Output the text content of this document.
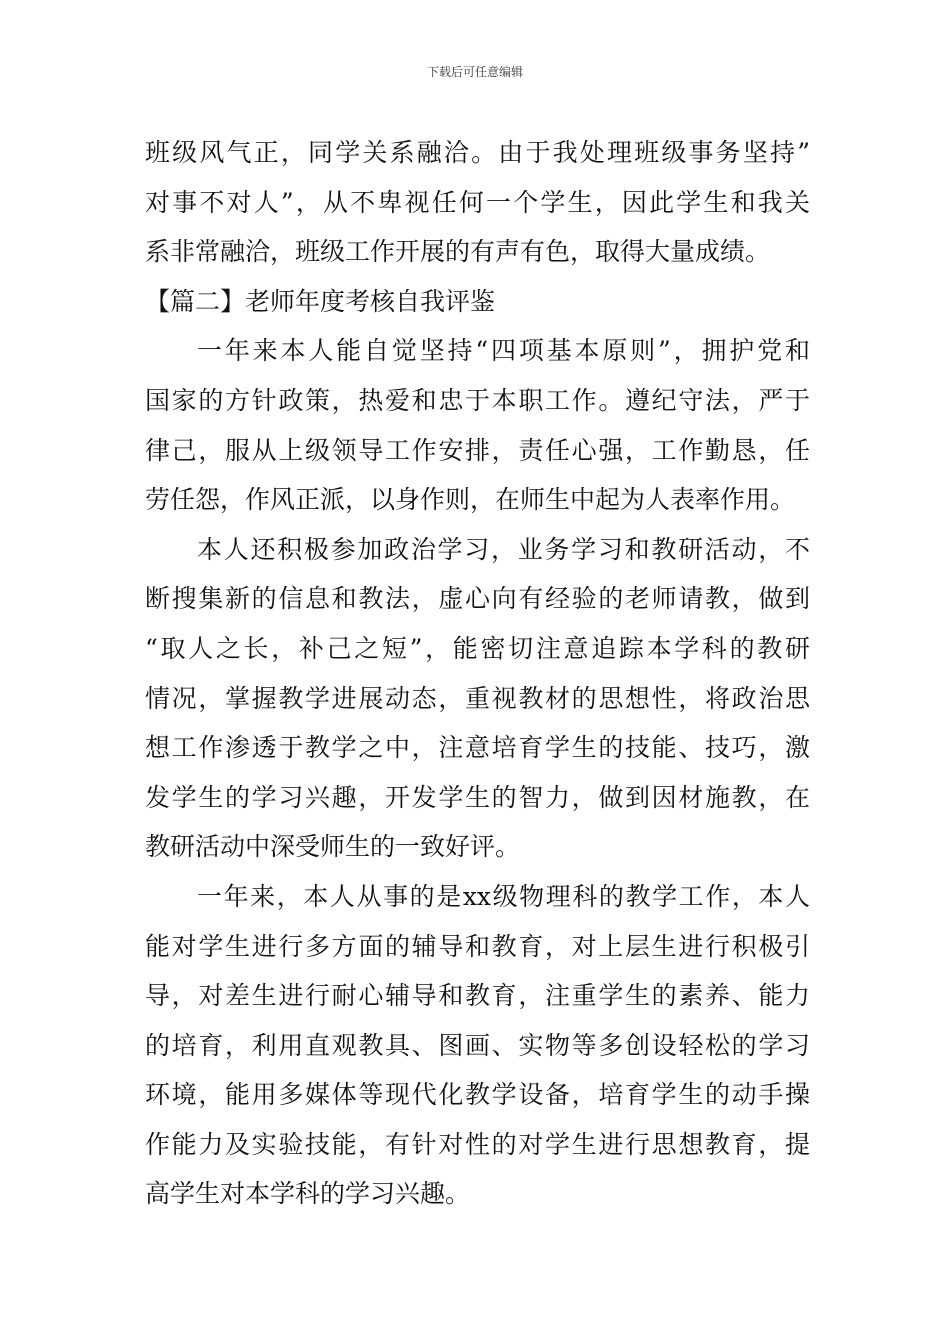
下载后可任意编辑
班级风气正，同学关系融洽。由于我处理班级事务坚持”
对事不对人”，从不卑视任何一个学生，因此学生和我关
系非常融洽，班级工作开展的有声有色，取得大量成绩。
【篇二】老师年度考核自我评鉴
一年来本人能自觉坚持“四项基本原则”，拥护党和
国家的方针政策，热爱和忠于本职工作。遵纪守法，严于
律己，服从上级领导工作安排，责任心强，工作勤恳，任
劳任怨，作风正派，以身作则，在师生中起为人表率作用。
本人还积极参加政治学习，业务学习和教研活动，不
断搜集新的信息和教法，虚心向有经验的老师请教，做到
“取人之长，补己之短”，能密切注意追踪本学科的教研
情况，掌握教学进展动态，重视教材的思想性，将政治思
想工作渗透于教学之中，注意培育学生的技能、技巧，激
发学生的学习兴趣，开发学生的智力，做到因材施教，在
教研活动中深受师生的一致好评。
一年来，本人从事的是xx级物理科的教学工作，本人
能对学生进行多方面的辅导和教育，对上层生进行积极引
导，对差生进行耐心辅导和教育，注重学生的素养、能力
的培育，利用直观教具、图画、实物等多创设轻松的学习
环境，能用多媒体等现代化教学设备，培育学生的动手操
作能力及实验技能，有针对性的对学生进行思想教育，提
高学生对本学科的学习兴趣。
